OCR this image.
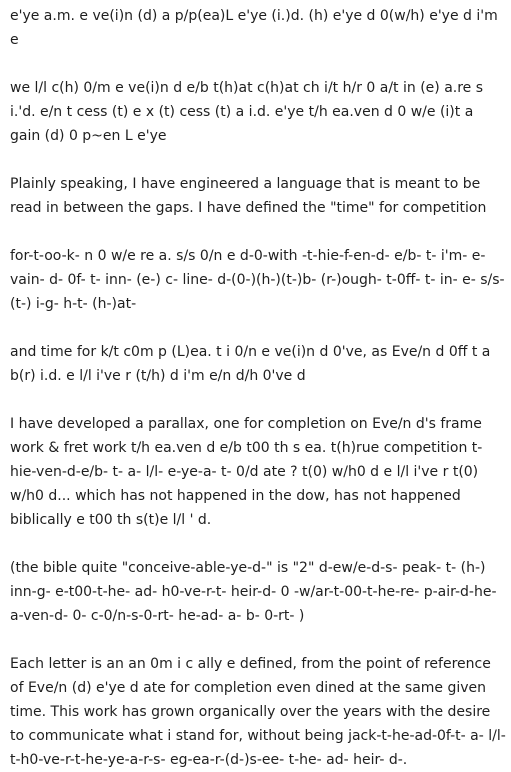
e'ye a.m. e ve(i)n (d) a p/p(ea)L e'ye (i.)d. (h) e'ye d 0(w/h) e'ye d i'm e

we l/l c(h) 0/m e ve(i)n d e/b t(h)at c(h)at ch i/t h/r 0 a/t in (e) a.re s i.'d. e/n t cess (t) e x (t) cess (t) a i.d. e'ye t/h ea.ven d 0 w/e (i)t a gain (d) 0 p~en L e'ye

Plainly speaking, I have engineered a language that is meant to be read in between the gaps. I have defined the "time" for competition

for-t-oo-k- n 0 w/e re a. s/s 0/n e d-0-with -t-hie-f-en-d- e/b- t- i'm- e-vain- d- 0f- t- inn- (e-) c- line- d-(0-)(h-)(t-)b- (r-)ough- t-0ff- t- in- e- s/s-(t-) i-g- h-t- (h-)at-

and time for k/t c0m p (L)ea. t i 0/n e ve(i)n d 0've, as Eve/n d 0ff t a b(r) i.d. e l/l i've r (t/h) d i'm e/n d/h 0've d

I have developed a parallax, one for completion on Eve/n d's frame work & fret work t/h ea.ven d e/b t00 th s ea. t(h)rue competition t-hie-ven-d-e/b- t- a- l/l- e-ye-a- t- 0/d ate ? t(0) w/h0 d e l/l i've r t(0) w/h0 d... which has not happened in the dow, has not happened biblically e t00 th s(t)e l/l ' d.

(the bible quite "conceive-able-ye-d-" is "2" d-ew/e-d-s- peak- t- (h-) inn-g- e-t00-t-he- ad- h0-ve-r-t- heir-d- 0 -w/ar-t-00-t-he-re- p-air-d-he-a-ven-d- 0- c-0/n-s-0-rt- he-ad- a- b- 0-rt- )

Each letter is an an 0m i c ally e defined, from the point of reference of Eve/n (d) e'ye d ate for completion even dined at the same given time. This work has grown organically over the years with the desire to communicate what i stand for, without being jack-t-he-ad-0f-t- a- l/l- t-h0-ve-r-t-he-ye-a-r-s- eg-ea-r-(d-)s-ee- t-he- ad- heir- d-.
